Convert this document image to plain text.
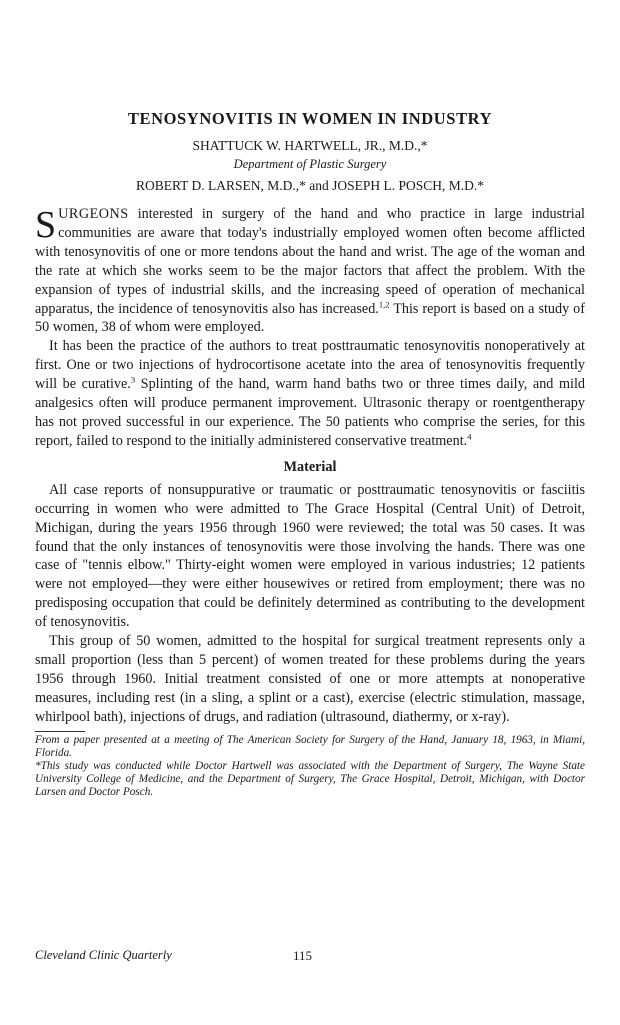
TENOSYNOVITIS IN WOMEN IN INDUSTRY

SHATTUCK W. HARTWELL, JR., M.D.,*

Department of Plastic Surgery

ROBERT D. LARSEN, M.D.,* and JOSEPH L. POSCH, M.D.*

SURGEONS interested in surgery of the hand and who practice in large industrial communities are aware that today's industrially employed women often become afflicted with tenosynovitis of one or more tendons about the hand and wrist. The age of the woman and the rate at which she works seem to be the major factors that affect the problem. With the expansion of types of industrial skills, and the increasing speed of operation of mechanical apparatus, the incidence of tenosynovitis also has increased.$^{1,2}$ This report is based on a study of 50 women, 38 of whom were employed.

It has been the practice of the authors to treat posttraumatic tenosynovitis nonoperatively at first. One or two injections of hydrocortisone acetate into the area of tenosynovitis frequently will be curative.$^3$ Splinting of the hand, warm hand baths two or three times daily, and mild analgesics often will produce permanent improvement. Ultrasonic therapy or roentgentherapy has not proved successful in our experience. The 50 patients who comprise the series, for this report, failed to respond to the initially administered conservative treatment.$^4$

Material

All case reports of nonsuppurative or traumatic or posttraumatic tenosynovitis or fasciitis occurring in women who were admitted to The Grace Hospital (Central Unit) of Detroit, Michigan, during the years 1956 through 1960 were reviewed; the total was 50 cases. It was found that the only instances of tenosynovitis were those involving the hands. There was one case of "tennis elbow." Thirty-eight women were employed in various industries; 12 patients were not employed—they were either housewives or retired from employment; there was no predisposing occupation that could be definitely determined as contributing to the development of tenosynovitis.

This group of 50 women, admitted to the hospital for surgical treatment represents only a small proportion (less than 5 percent) of women treated for these problems during the years 1956 through 1960. Initial treatment consisted of one or more attempts at nonoperative measures, including rest (in a sling, a splint or a cast), exercise (electric stimulation, massage, whirlpool bath), injections of drugs, and radiation (ultrasound, diathermy, or x-ray).

From a paper presented at a meeting of The American Society for Surgery of the Hand, January 18, 1963, in Miami, Florida.

*This study was conducted while Doctor Hartwell was associated with the Department of Surgery, The Wayne State University College of Medicine, and the Department of Surgery, The Grace Hospital, Detroit, Michigan, with Doctor Larsen and Doctor Posch.

Cleveland Clinic Quarterly	115
